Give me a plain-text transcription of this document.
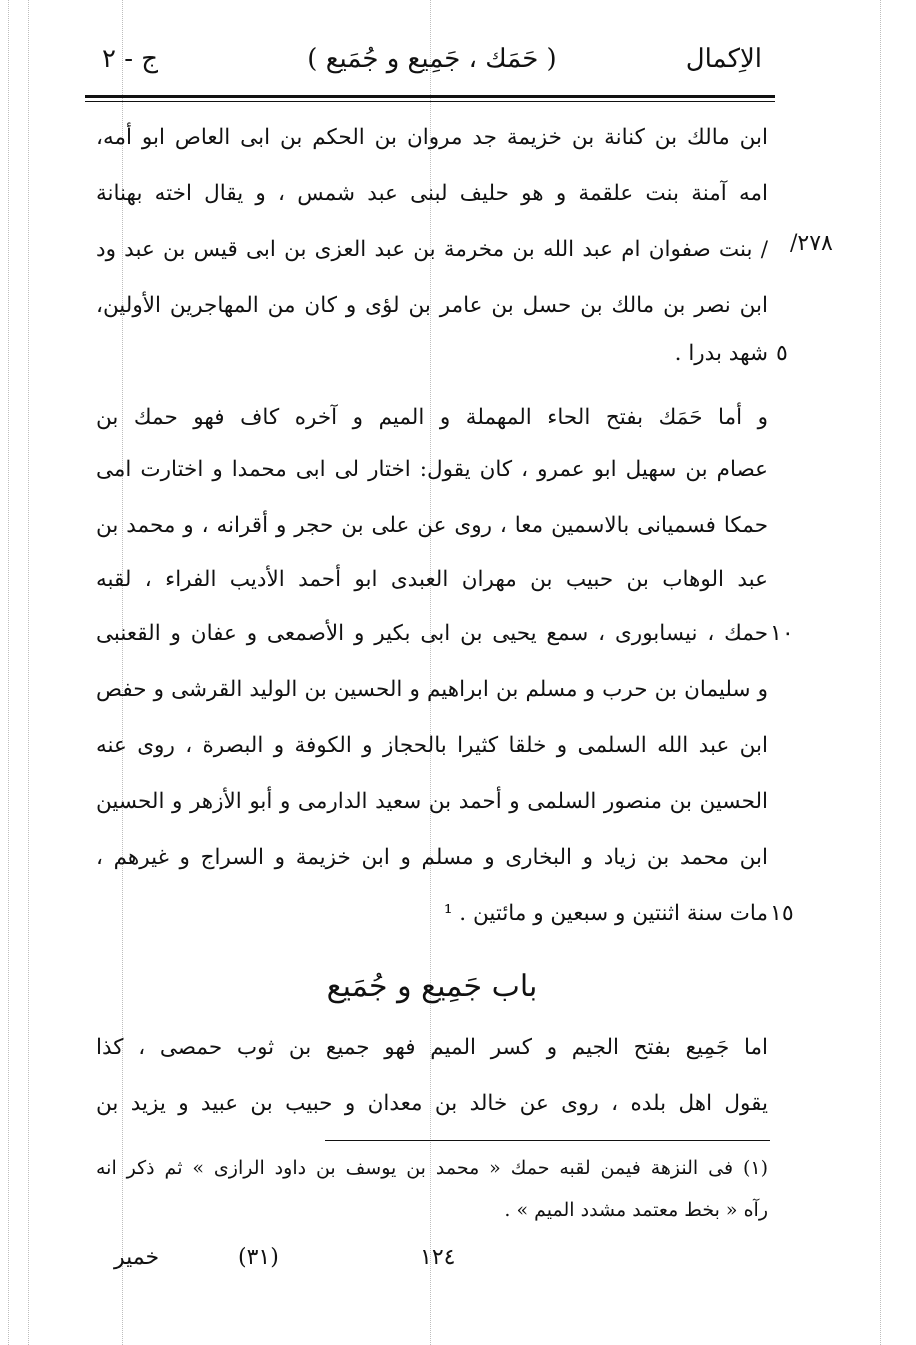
الاِكمال
( حَمَك ، جَمِيع و جُمَيع )
ج - ٢
٢٧٨/
٥
١٠
١٥
ابن مالك بن كنانة بن خزيمة جد مروان بن الحكم بن ابى العاص ابو أمه،
امه آمنة بنت علقمة و هو حليف لبنى عبد شمس ، و يقال اخته بهنانة
/ بنت صفوان ام عبد الله بن مخرمة بن عبد العزى بن ابى قيس بن عبد ود
ابن نصر بن مالك بن حسل بن عامر بن لؤى و كان من المهاجرين الأولين،
شهد بدرا .
و أما حَمَك بفتح الحاء المهملة و الميم و آخره كاف فهو حمك بن
عصام بن سهيل ابو عمرو ، كان يقول: اختار لى ابى محمدا و اختارت امى
حمكا فسميانى بالاسمين معا ، روى عن على بن حجر و أقرانه ، و محمد بن
عبد الوهاب بن حبيب بن مهران العبدى ابو أحمد الأديب الفراء ، لقبه
حمك ، نيسابورى ، سمع يحيى بن ابى بكير و الأصمعى و عفان و القعنبى
و سليمان بن حرب و مسلم بن ابراهيم و الحسين بن الوليد القرشى و حفص
ابن عبد الله السلمى و خلقا كثيرا بالحجاز و الكوفة و البصرة ، روى عنه
الحسين بن منصور السلمى و أحمد بن سعيد الدارمى و أبو الأزهر و الحسين
ابن محمد بن زياد و البخارى و مسلم و ابن خزيمة و السراج و غيرهم ،
مات سنة اثنتين و سبعين و مائتين . ¹
باب جَمِيع و جُمَيع
اما جَمِيع بفتح الجيم و كسر الميم فهو جميع بن ثوب حمصى ، كذا
يقول اهل بلده ، روى عن خالد بن معدان و حبيب بن عبيد و يزيد بن
(١) فى النزهة فيمن لقبه حمك « محمد بن يوسف بن داود الرازى » ثم ذكر انه
رآه « بخط معتمد مشدد الميم » .
خمير	(٣١)	١٢٤
